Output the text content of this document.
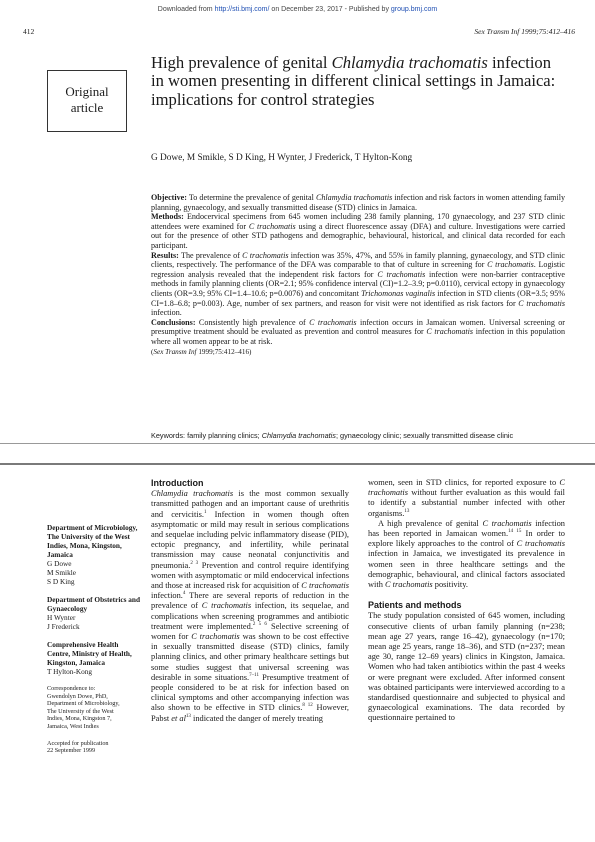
Downloaded from http://sti.bmj.com/ on December 23, 2017 - Published by group.bmj.com
412	Sex Transm Inf 1999;75:412–416
Original
article
High prevalence of genital Chlamydia trachomatis infection in women presenting in different clinical settings in Jamaica: implications for control strategies
G Dowe, M Smikle, S D King, H Wynter, J Frederick, T Hylton-Kong

Objective: To determine the prevalence of genital Chlamydia trachomatis infection and risk factors in women attending family planning, gynaecology, and sexually transmitted disease (STD) clinics in Jamaica.

Methods: Endocervical specimens from 645 women including 238 family planning, 170 gynaecology, and 237 STD clinic attendees were examined for C trachomatis using a direct fluorescence assay (DFA) and culture. Investigations were carried out for the presence of other STD pathogens and demographic, behavioural, historical, and clinical data recorded for each participant.

Results: The prevalence of C trachomatis infection was 35%, 47%, and 55% in family planning, gynaecology, and STD clinic clients, respectively. The performance of the DFA was comparable to that of culture in screening for C trachomatis. Logistic regression analysis revealed that the independent risk factors for C trachomatis infection were non-barrier contraceptive methods in family planning clients (OR=2.1; 95% confidence interval (CI)=1.2–3.9; p=0.0110), cervical ectopy in gynaecology clients (OR=3.9; 95% CI=1.4–10.6; p=0.0076) and concomitant Trichomonas vaginalis infection in STD clients (OR=3.5; 95% CI=1.8–6.8; p=0.003). Age, number of sex partners, and reason for visit were not identified as risk factors for C trachomatis infection.

Conclusions: Consistently high prevalence of C trachomatis infection occurs in Jamaican women. Universal screening or presumptive treatment should be evaluated as prevention and control measures for C trachomatis infection in this population where all women appear to be at risk.

(Sex Transm Inf 1999;75:412–416)

Keywords: family planning clinics; Chlamydia trachomatis; gynaecology clinic; sexually transmitted disease clinic

Department of Microbiology, The University of the West Indies, Mona, Kingston, Jamaica
G Dowe
M Smikle
S D King

Department of Obstetrics and Gynaecology
H Wynter
J Frederick

Comprehensive Health Centre, Ministry of Health, Kingston, Jamaica
T Hylton-Kong

Correspondence to:
Gwendolyn Dowe, PhD,
Department of Microbiology,
The University of the West
Indies, Mona, Kingston 7,
Jamaica, West Indies

Accepted for publication
22 September 1999

Introduction

Chlamydia trachomatis is the most common sexually transmitted pathogen and an important cause of urethritis and cervicitis.$^1$ Infection in women though often asymptomatic or mild may result in serious complications and sequelae including pelvic inflammatory disease (PID), ectopic pregnancy, and infertility, while perinatal transmission may cause neonatal conjunctivitis and pneumonia.$^{2 3}$ Prevention and control require identifying women with asymptomatic or mild endocervical infections and those at increased risk for acquisition of C trachomatis infection.$^4$ There are several reports of reduction in the prevalence of C trachomatis infection, its sequelae, and complications when screening programmes and antibiotic treatment were implemented.$^{2 5 6}$ Selective screening of women for C trachomatis was shown to be cost effective in sexually transmitted disease (STD) clinics, family planning clinics, and other primary healthcare settings but some studies suggest that universal screening was desirable in some situations.$^{7-11}$ Presumptive treatment of people considered to be at risk for infection based on clinical symptoms and other accompanying infection was also shown to be effective in STD clinics.$^{8 12}$ However, Pabst et $al^{13}$ indicated the danger of merely treating

women, seen in STD clinics, for reported exposure to C trachomatis without further evaluation as this would fail to identify a substantial number infected with other organisms.$^{13}$

A high prevalence of genital C trachomatis infection has been reported in Jamaican women.$^{14 15}$ In order to explore likely approaches to the control of C trachomatis infection in Jamaica, we investigated its prevalence in women seen in three healthcare settings and the demographic, behavioural, and clinical factors associated with C trachomatis positivity.

Patients and methods

The study population consisted of 645 women, including consecutive clients of urban family planning (n=238; mean age 27 years, range 16–42), gynaecology (n=170; mean age 25 years, range 18–36), and STD (n=237; mean age 30, range 12–69 years) clinics in Kingston, Jamaica. Women who had taken antibiotics within the past 4 weeks or were pregnant were excluded. After informed consent was obtained participants were interviewed according to a standardised questionnaire and subjected to physical and gynaecological examinations. The data recorded by questionnaire pertained to
